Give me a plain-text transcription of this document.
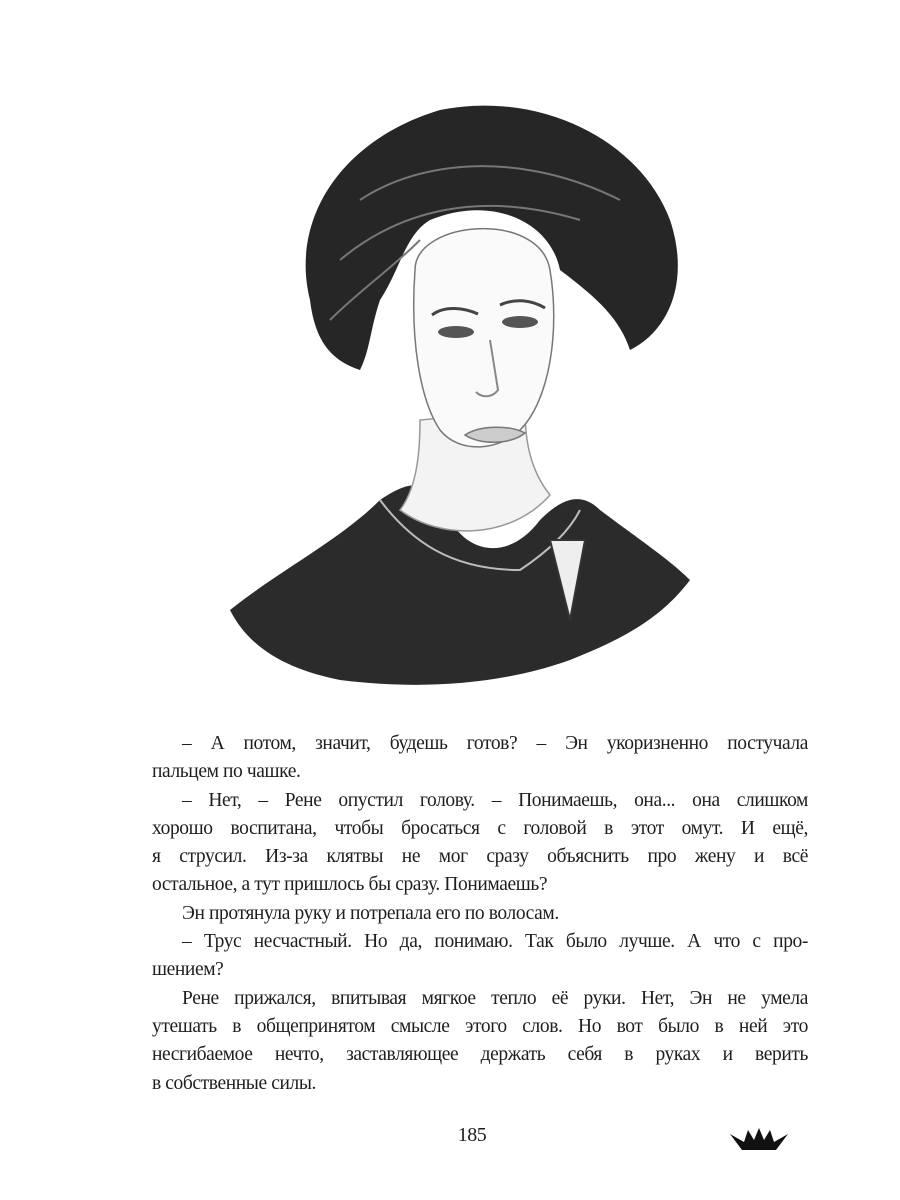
– А потом, значит, будешь готов? – Эн укоризненно постучала
пальцем по чашке.
– Нет, – Рене опустил голову. – Понимаешь, она... она слишком
хорошо воспитана, чтобы бросаться с головой в этот омут. И ещё,
я струсил. Из-за клятвы не мог сразу объяснить про жену и всё
остальное, а тут пришлось бы сразу. Понимаешь?
Эн протянула руку и потрепала его по волосам.
– Трус несчастный. Но да, понимаю. Так было лучше. А что с про-
шением?
Рене прижался, впитывая мягкое тепло её руки. Нет, Эн не умела
утешать в общепринятом смысле этого слов. Но вот было в ней это
несгибаемое нечто, заставляющее держать себя в руках и верить
в собственные силы.
185
